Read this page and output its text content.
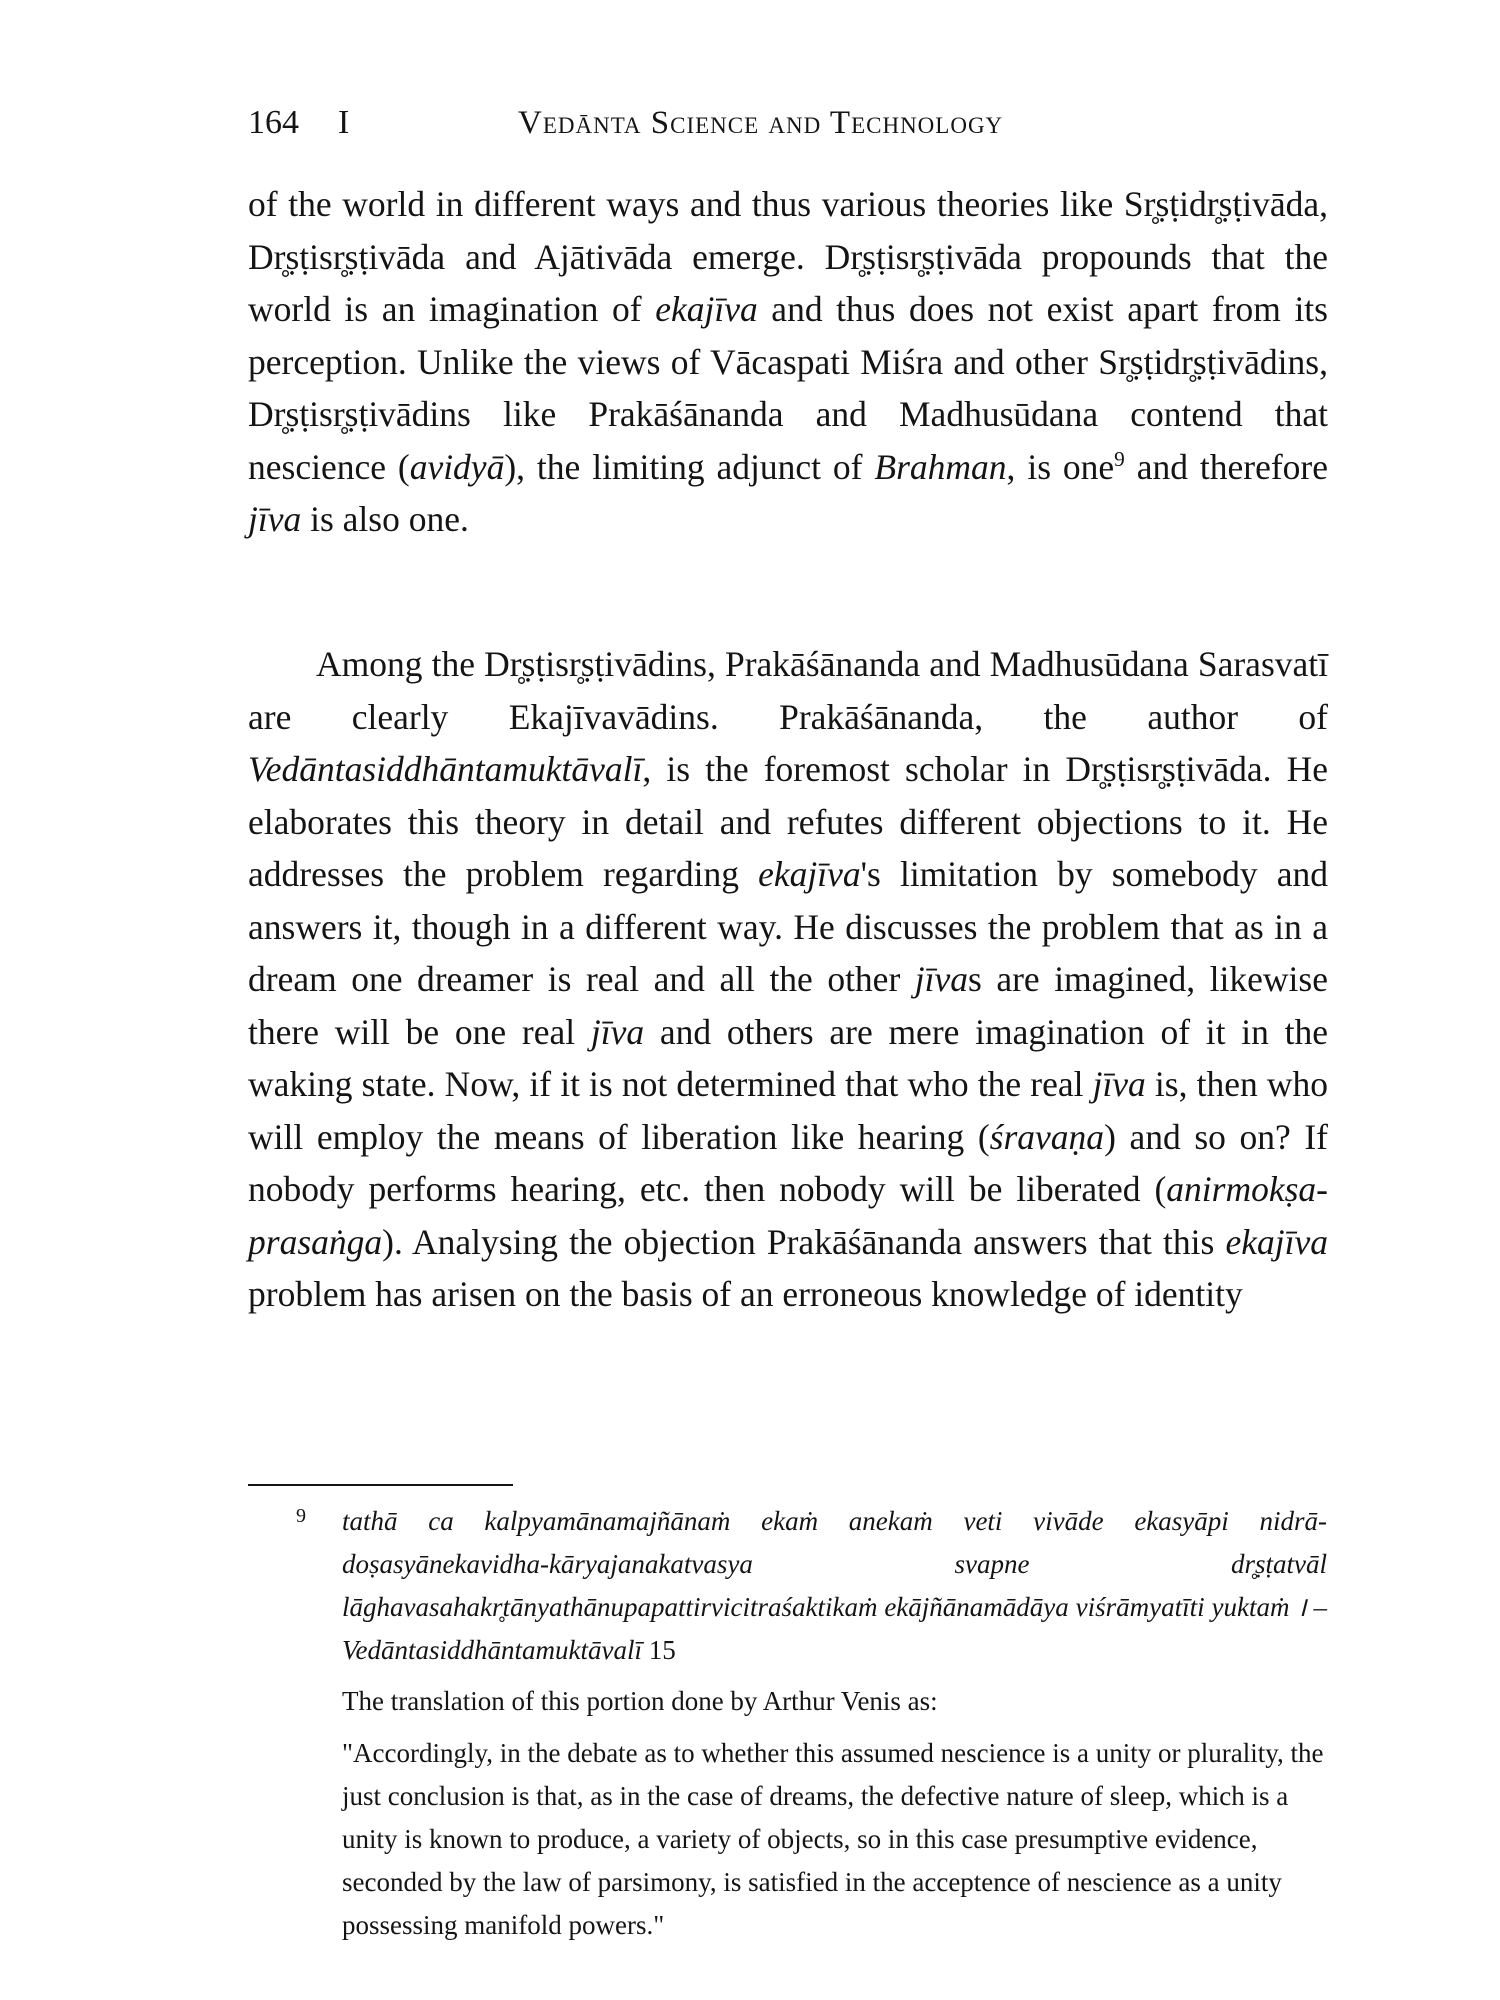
164 I	Vedānta Science and Technology

of the world in different ways and thus various theories like Sr̥ṣṭidr̥ṣṭivāda, Dr̥ṣṭisr̥ṣṭivāda and Ajātivāda emerge. Dr̥ṣṭisr̥ṣṭivāda propounds that the world is an imagination of ekajīva and thus does not exist apart from its perception. Unlike the views of Vācaspati Miśra and other Sr̥ṣṭidr̥ṣṭivādins, Dr̥ṣṭisr̥ṣṭivādins like Prakāśānanda and Madhusūdana contend that nescience (avidyā), the limiting adjunct of Brahman, is one$^9$ and therefore jīva is also one.

Among the Dr̥ṣṭisr̥ṣṭivādins, Prakāśānanda and Madhusūdana Sarasvatī are clearly Ekajīvavādins. Prakāśānanda, the author of Vedāntasiddhāntamuktāvalī, is the foremost scholar in Dr̥ṣṭisr̥ṣṭivāda. He elaborates this theory in detail and refutes different objections to it. He addresses the problem regarding ekajīva's limitation by somebody and answers it, though in a different way. He discusses the problem that as in a dream one dreamer is real and all the other jīvas are imagined, likewise there will be one real jīva and others are mere imagination of it in the waking state. Now, if it is not determined that who the real jīva is, then who will employ the means of liberation like hearing (śravaṇa) and so on? If nobody performs hearing, etc. then nobody will be liberated (anirmokṣa-prasaṅga). Analysing the objection Prakāśānanda answers that this ekajīva problem has arisen on the basis of an erroneous knowledge of identity

9 tathā ca kalpyamānamajñānaṁ ekaṁ anekaṁ veti vivāde ekasyāpi nidrā-doṣasyānekavidha-kāryajanakatvasya svapne dr̥ṣṭatvāl lāghavasahakr̥tānyathānupapattirvicitraśaktikaṁ ekājñānamādāya viśrāmyatīti yuktaṁ । – Vedāntasiddhāntamuktāvalī 15
The translation of this portion done by Arthur Venis as:
"Accordingly, in the debate as to whether this assumed nescience is a unity or plurality, the just conclusion is that, as in the case of dreams, the defective nature of sleep, which is a unity is known to produce, a variety of objects, so in this case presumptive evidence, seconded by the law of parsimony, is satisfied in the acceptence of nescience as a unity possessing manifold powers."
